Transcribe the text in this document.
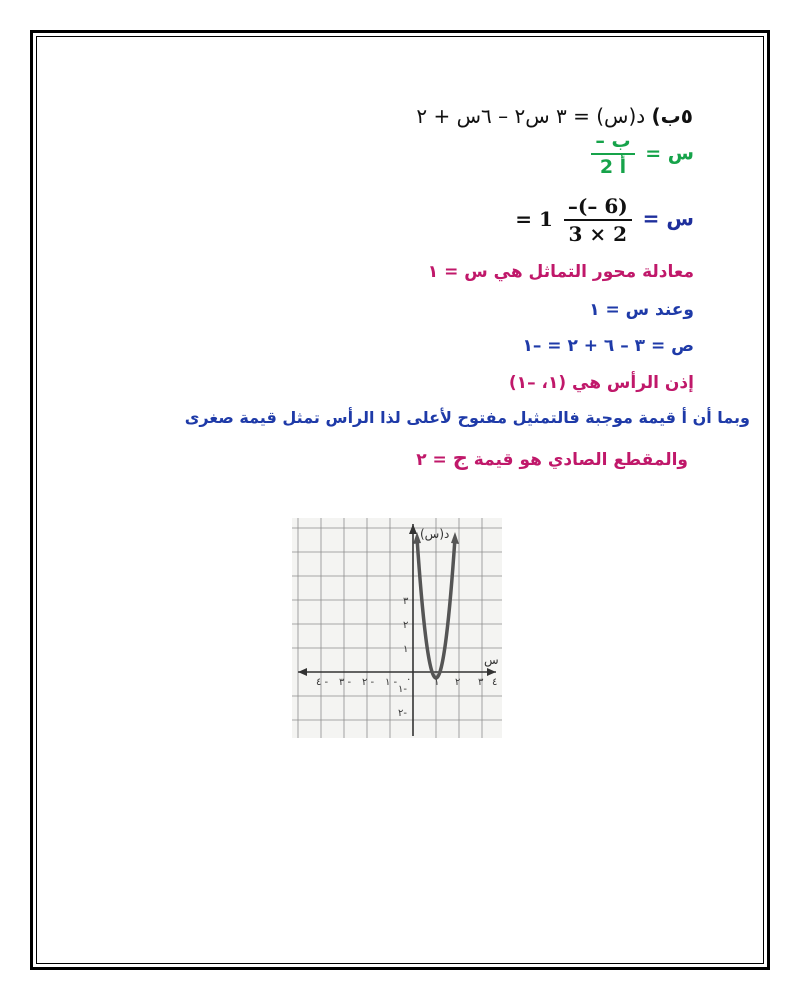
٥ب) د(س) = ٣ س٢ – ٦س + ٢
س =
$\frac{\text{– ب}}{\text{2 أ}}$
س =
$\frac{-(- 6)}{3 \times 2}$
= 1
معادلة محور التماثل هي س = ١
وعند س = ١
ص = ٣ – ٦ + ٢ = –١
إذن الرأس هي (١، –١)
وبما أن أ قيمة موجبة فالتمثيل مفتوح لأعلى لذا الرأس تمثل قيمة صغرى
والمقطع الصادي هو قيمة ج = ٢
د(س)
س
٤ - ٣ - ٢ - ١ - ٠ ١ ٢ ٣ ٤
٣
٢
١
١-
٢-
